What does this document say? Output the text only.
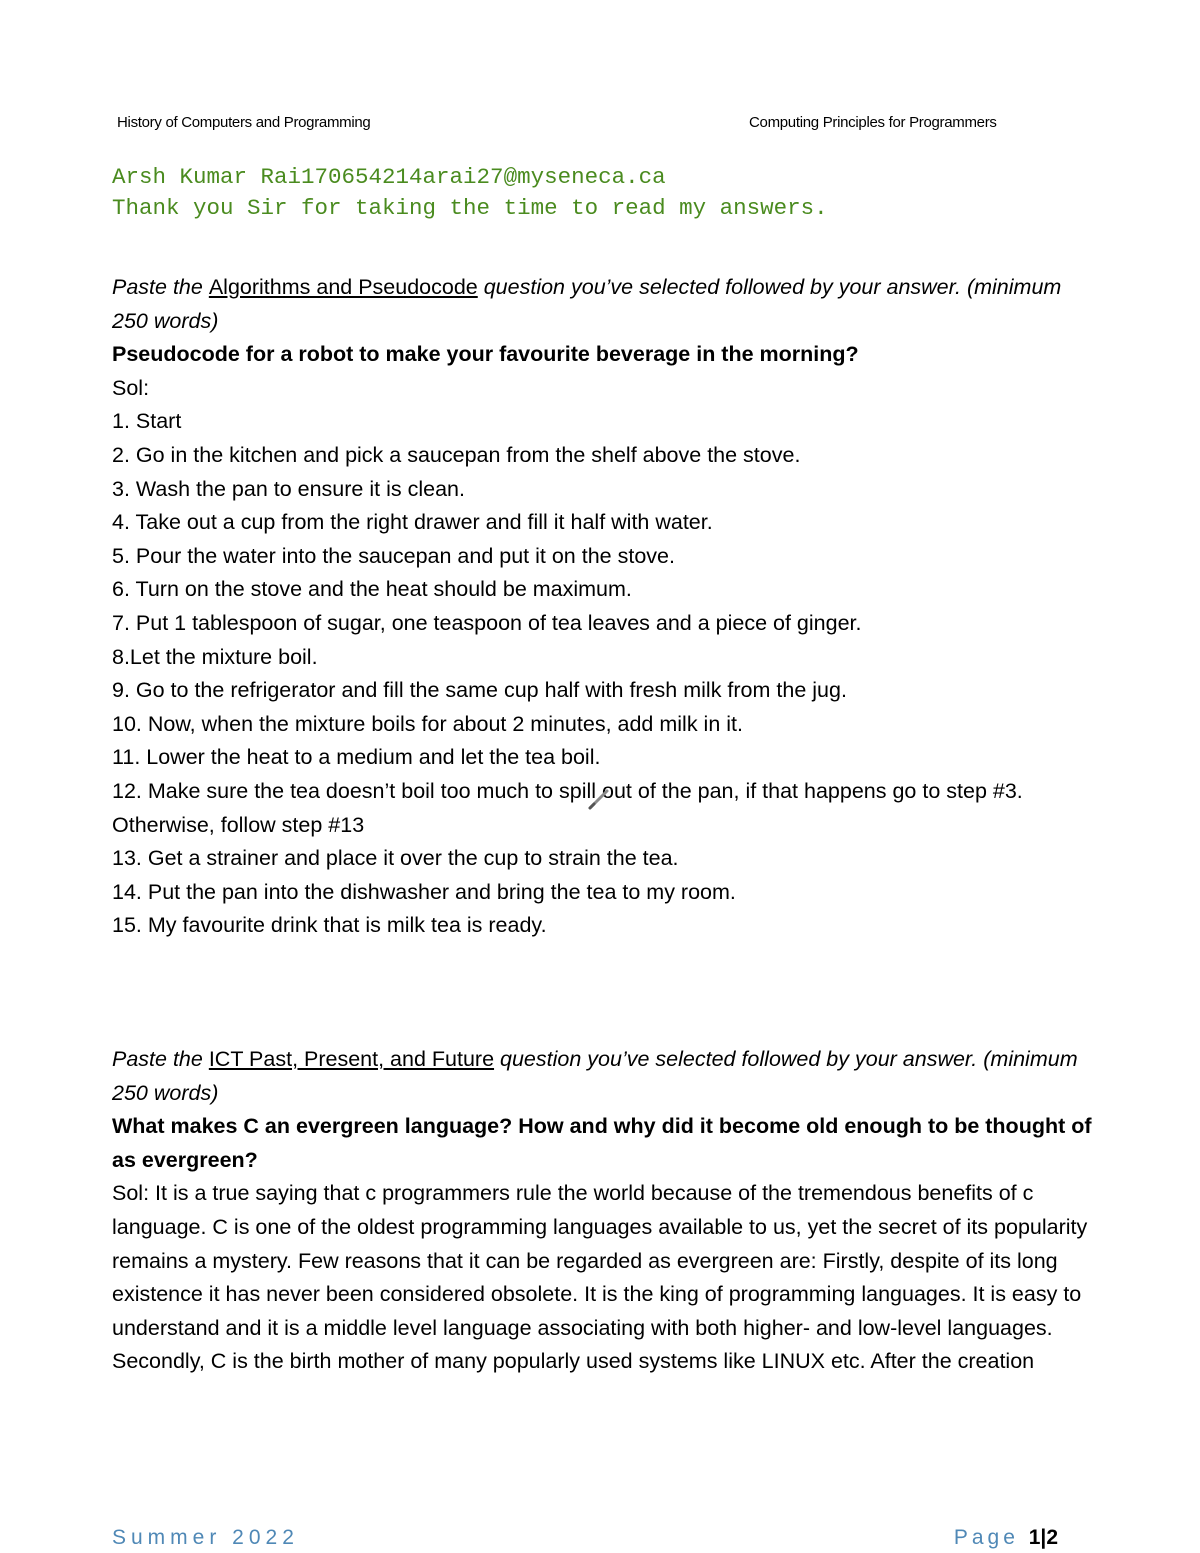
History of Computers and Programming	Computing Principles for Programmers
Arsh Kumar Rai170654214arai27@myseneca.ca
Thank you Sir for taking the time to read my answers.

Paste the Algorithms and Pseudocode question you’ve selected followed by your answer. (minimum 250 words)

Pseudocode for a robot to make your favourite beverage in the morning?

Sol:

1. Start

2. Go in the kitchen and pick a saucepan from the shelf above the stove.

3. Wash the pan to ensure it is clean.

4. Take out a cup from the right drawer and fill it half with water.

5. Pour the water into the saucepan and put it on the stove.

6. Turn on the stove and the heat should be maximum.

7. Put 1 tablespoon of sugar, one teaspoon of tea leaves and a piece of ginger.

8.Let the mixture boil.

9. Go to the refrigerator and fill the same cup half with fresh milk from the jug.

10. Now, when the mixture boils for about 2 minutes, add milk in it.

11. Lower the heat to a medium and let the tea boil.

12. Make sure the tea doesn’t boil too much to spill out of the pan, if that happens go to step #3. Otherwise, follow step #13

13. Get a strainer and place it over the cup to strain the tea.

14. Put the pan into the dishwasher and bring the tea to my room.

15. My favourite drink that is milk tea is ready.

Paste the ICT Past, Present, and Future question you’ve selected followed by your answer. (minimum 250 words)

What makes C an evergreen language? How and why did it become old enough to be thought of as evergreen?

Sol: It is a true saying that c programmers rule the world because of the tremendous benefits of c language. C is one of the oldest programming languages available to us, yet the secret of its popularity remains a mystery. Few reasons that it can be regarded as evergreen are: Firstly, despite of its long existence it has never been considered obsolete. It is the king of programming languages. It is easy to understand and it is a middle level language associating with both higher- and low-level languages. Secondly, C is the birth mother of many popularly used systems like LINUX etc. After the creation

Summer 2022	Page 1|2
